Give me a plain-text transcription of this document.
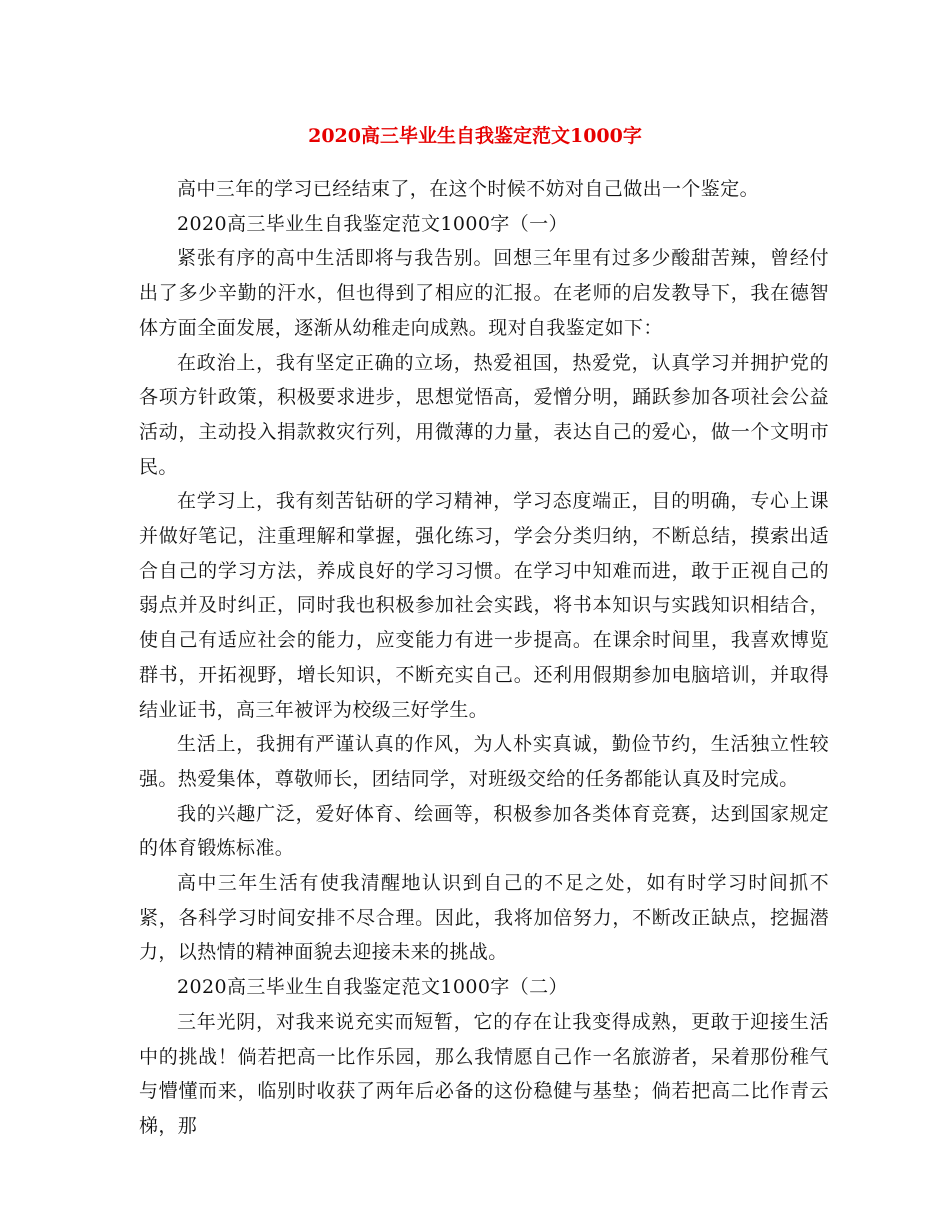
2020高三毕业生自我鉴定范文1000字

高中三年的学习已经结束了，在这个时候不妨对自己做出一个鉴定。

2020高三毕业生自我鉴定范文1000字（一）

紧张有序的高中生活即将与我告别。回想三年里有过多少酸甜苦辣，曾经付出了多少辛勤的汗水，但也得到了相应的汇报。在老师的启发教导下，我在德智体方面全面发展，逐渐从幼稚走向成熟。现对自我鉴定如下：

在政治上，我有坚定正确的立场，热爱祖国，热爱党，认真学习并拥护党的各项方针政策，积极要求进步，思想觉悟高，爱憎分明，踊跃参加各项社会公益活动，主动投入捐款救灾行列，用微薄的力量，表达自己的爱心，做一个文明市民。

在学习上，我有刻苦钻研的学习精神，学习态度端正，目的明确，专心上课并做好笔记，注重理解和掌握，强化练习，学会分类归纳，不断总结，摸索出适合自己的学习方法，养成良好的学习习惯。在学习中知难而进，敢于正视自己的弱点并及时纠正，同时我也积极参加社会实践，将书本知识与实践知识相结合，使自己有适应社会的能力，应变能力有进一步提高。在课余时间里，我喜欢博览群书，开拓视野，增长知识，不断充实自己。还利用假期参加电脑培训，并取得结业证书，高三年被评为校级三好学生。

生活上，我拥有严谨认真的作风，为人朴实真诚，勤俭节约，生活独立性较强。热爱集体，尊敬师长，团结同学，对班级交给的任务都能认真及时完成。

我的兴趣广泛，爱好体育、绘画等，积极参加各类体育竞赛，达到国家规定的体育锻炼标准。

高中三年生活有使我清醒地认识到自己的不足之处，如有时学习时间抓不紧，各科学习时间安排不尽合理。因此，我将加倍努力，不断改正缺点，挖掘潜力，以热情的精神面貌去迎接未来的挑战。

2020高三毕业生自我鉴定范文1000字（二）

三年光阴，对我来说充实而短暂，它的存在让我变得成熟，更敢于迎接生活中的挑战！倘若把高一比作乐园，那么我情愿自己作一名旅游者，呆着那份稚气与懵懂而来，临别时收获了两年后必备的这份稳健与基垫；倘若把高二比作青云梯，那
